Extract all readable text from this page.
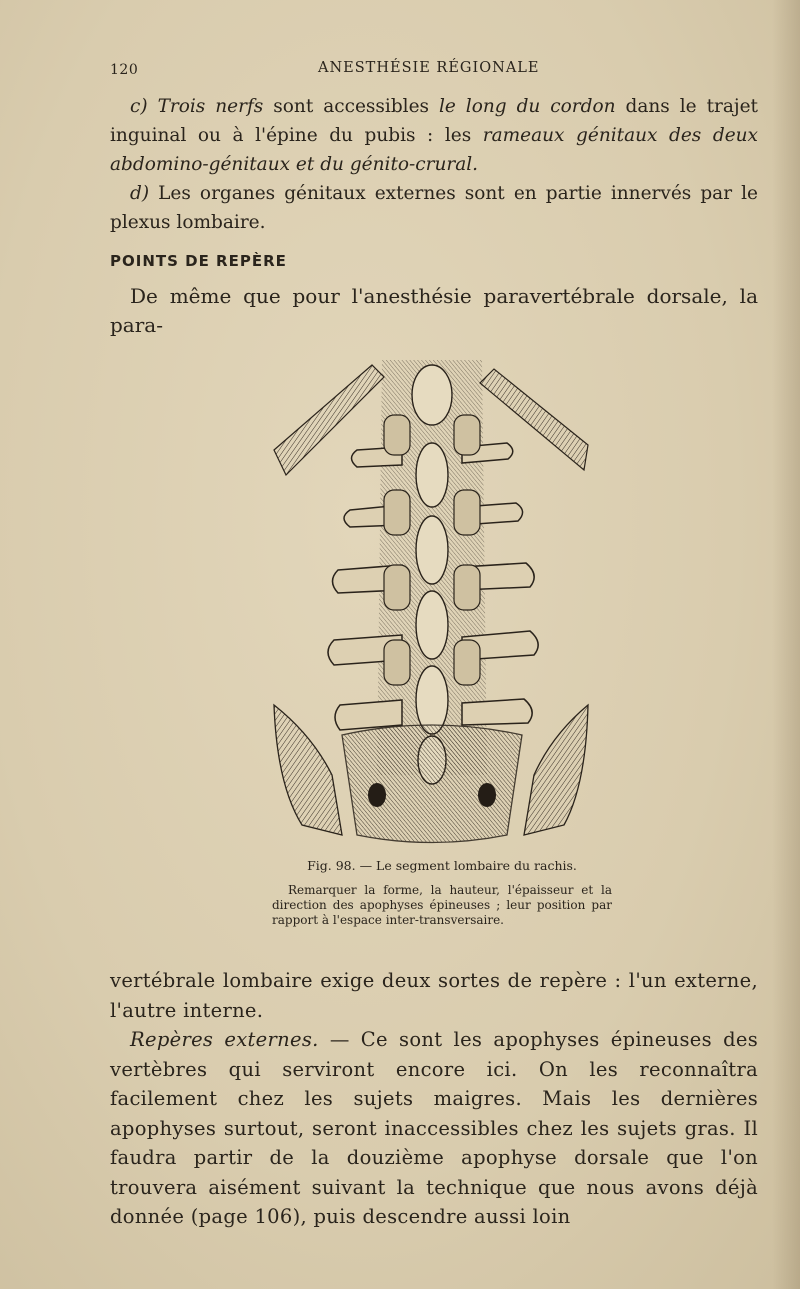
120	ANESTHÉSIE RÉGIONALE

c) Trois nerfs sont accessibles le long du cordon dans le trajet inguinal ou à l'épine du pubis : les rameaux génitaux des deux abdomino-génitaux et du génito-crural.

d) Les organes génitaux externes sont en partie innervés par le plexus lombaire.

POINTS DE REPÈRE

De même que pour l'anesthésie paravertébrale dorsale, la para-

Fig. 98. — Le segment lombaire du rachis.
Remarquer la forme, la hauteur, l'épaisseur et la direction des apophyses épineuses ; leur position par rapport à l'espace inter-transversaire.

vertébrale lombaire exige deux sortes de repère : l'un externe, l'autre interne.

Repères externes. — Ce sont les apophyses épineuses des vertèbres qui serviront encore ici. On les reconnaîtra facilement chez les sujets maigres. Mais les dernières apophyses surtout, seront inaccessibles chez les sujets gras. Il faudra partir de la douzième apophyse dorsale que l'on trouvera aisément suivant la technique que nous avons déjà donnée (page 106), puis descendre aussi loin
